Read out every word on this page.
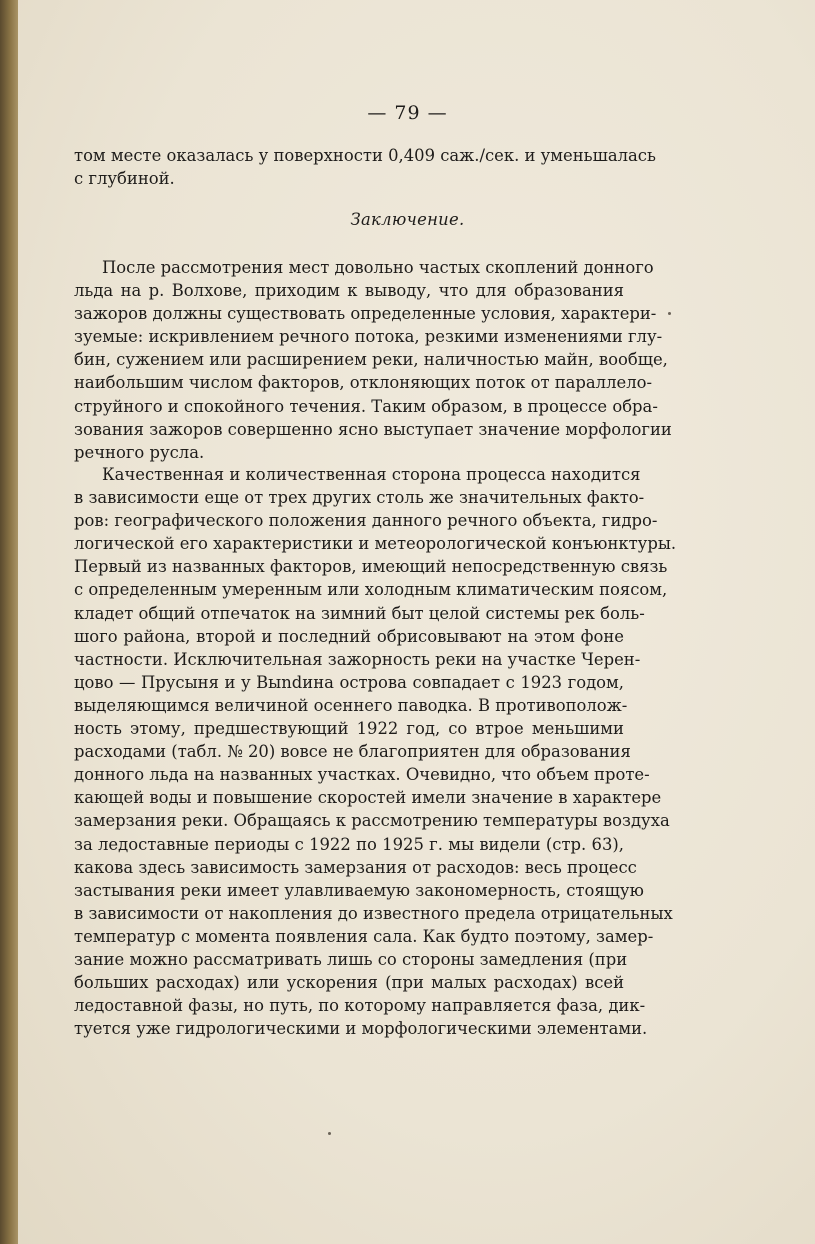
— 79 —
том месте оказалась у поверхности 0,409 саж./сек. и уменьшалась
с глубиной.
Заключение.
После рассмотрения мест довольно частых скоплений донного
льда на р. Волхове, приходим к выводу, что для образования
зажоров должны существовать определенные условия, характери-
зуемые: искривлением речного потока, резкими изменениями глу-
бин, сужением или расширением реки, наличностью майн, вообще,
наибольшим числом факторов, отклоняющих поток от параллело-
струйного и спокойного течения. Таким образом, в процессе обра-
зования зажоров совершенно ясно выступает значение морфологии
речного русла.
Качественная и количественная сторона процесса находится
в зависимости еще от трех других столь же значительных факто-
ров: географического положения данного речного объекта, гидро-
логической его характеристики и метеорологической конъюнктуры.
Первый из названных факторов, имеющий непосредственную связь
с определенным умеренным или холодным климатическим поясом,
кладет общий отпечаток на зимний быт целой системы рек боль-
шого района, второй и последний обрисовывают на этом фоне
частности. Исключительная зажорность реки на участке Черен-
цово — Прусыня и у Выndина острова совпадает с 1923 годом,
выделяющимся величиной осеннего паводка. В противополож-
ность этому, предшествующий 1922 год, со втрое меньшими
расходами (табл. № 20) вовсе не благоприятен для образования
донного льда на названных участках. Очевидно, что объем проте-
кающей воды и повышение скоростей имели значение в характере
замерзания реки. Обращаясь к рассмотрению температуры воздуха
за ледоставные периоды с 1922 по 1925 г. мы видели (стр. 63),
какова здесь зависимость замерзания от расходов: весь процесс
застывания реки имеет улавливаемую закономерность, стоящую
в зависимости от накопления до известного предела отрицательных
температур с момента появления сала. Как будто поэтому, замер-
зание можно рассматривать лишь со стороны замедления (при
больших расходах) или ускорения (при малых расходах) всей
ледоставной фазы, но путь, по которому направляется фаза, дик-
туется уже гидрологическими и морфологическими элементами.
